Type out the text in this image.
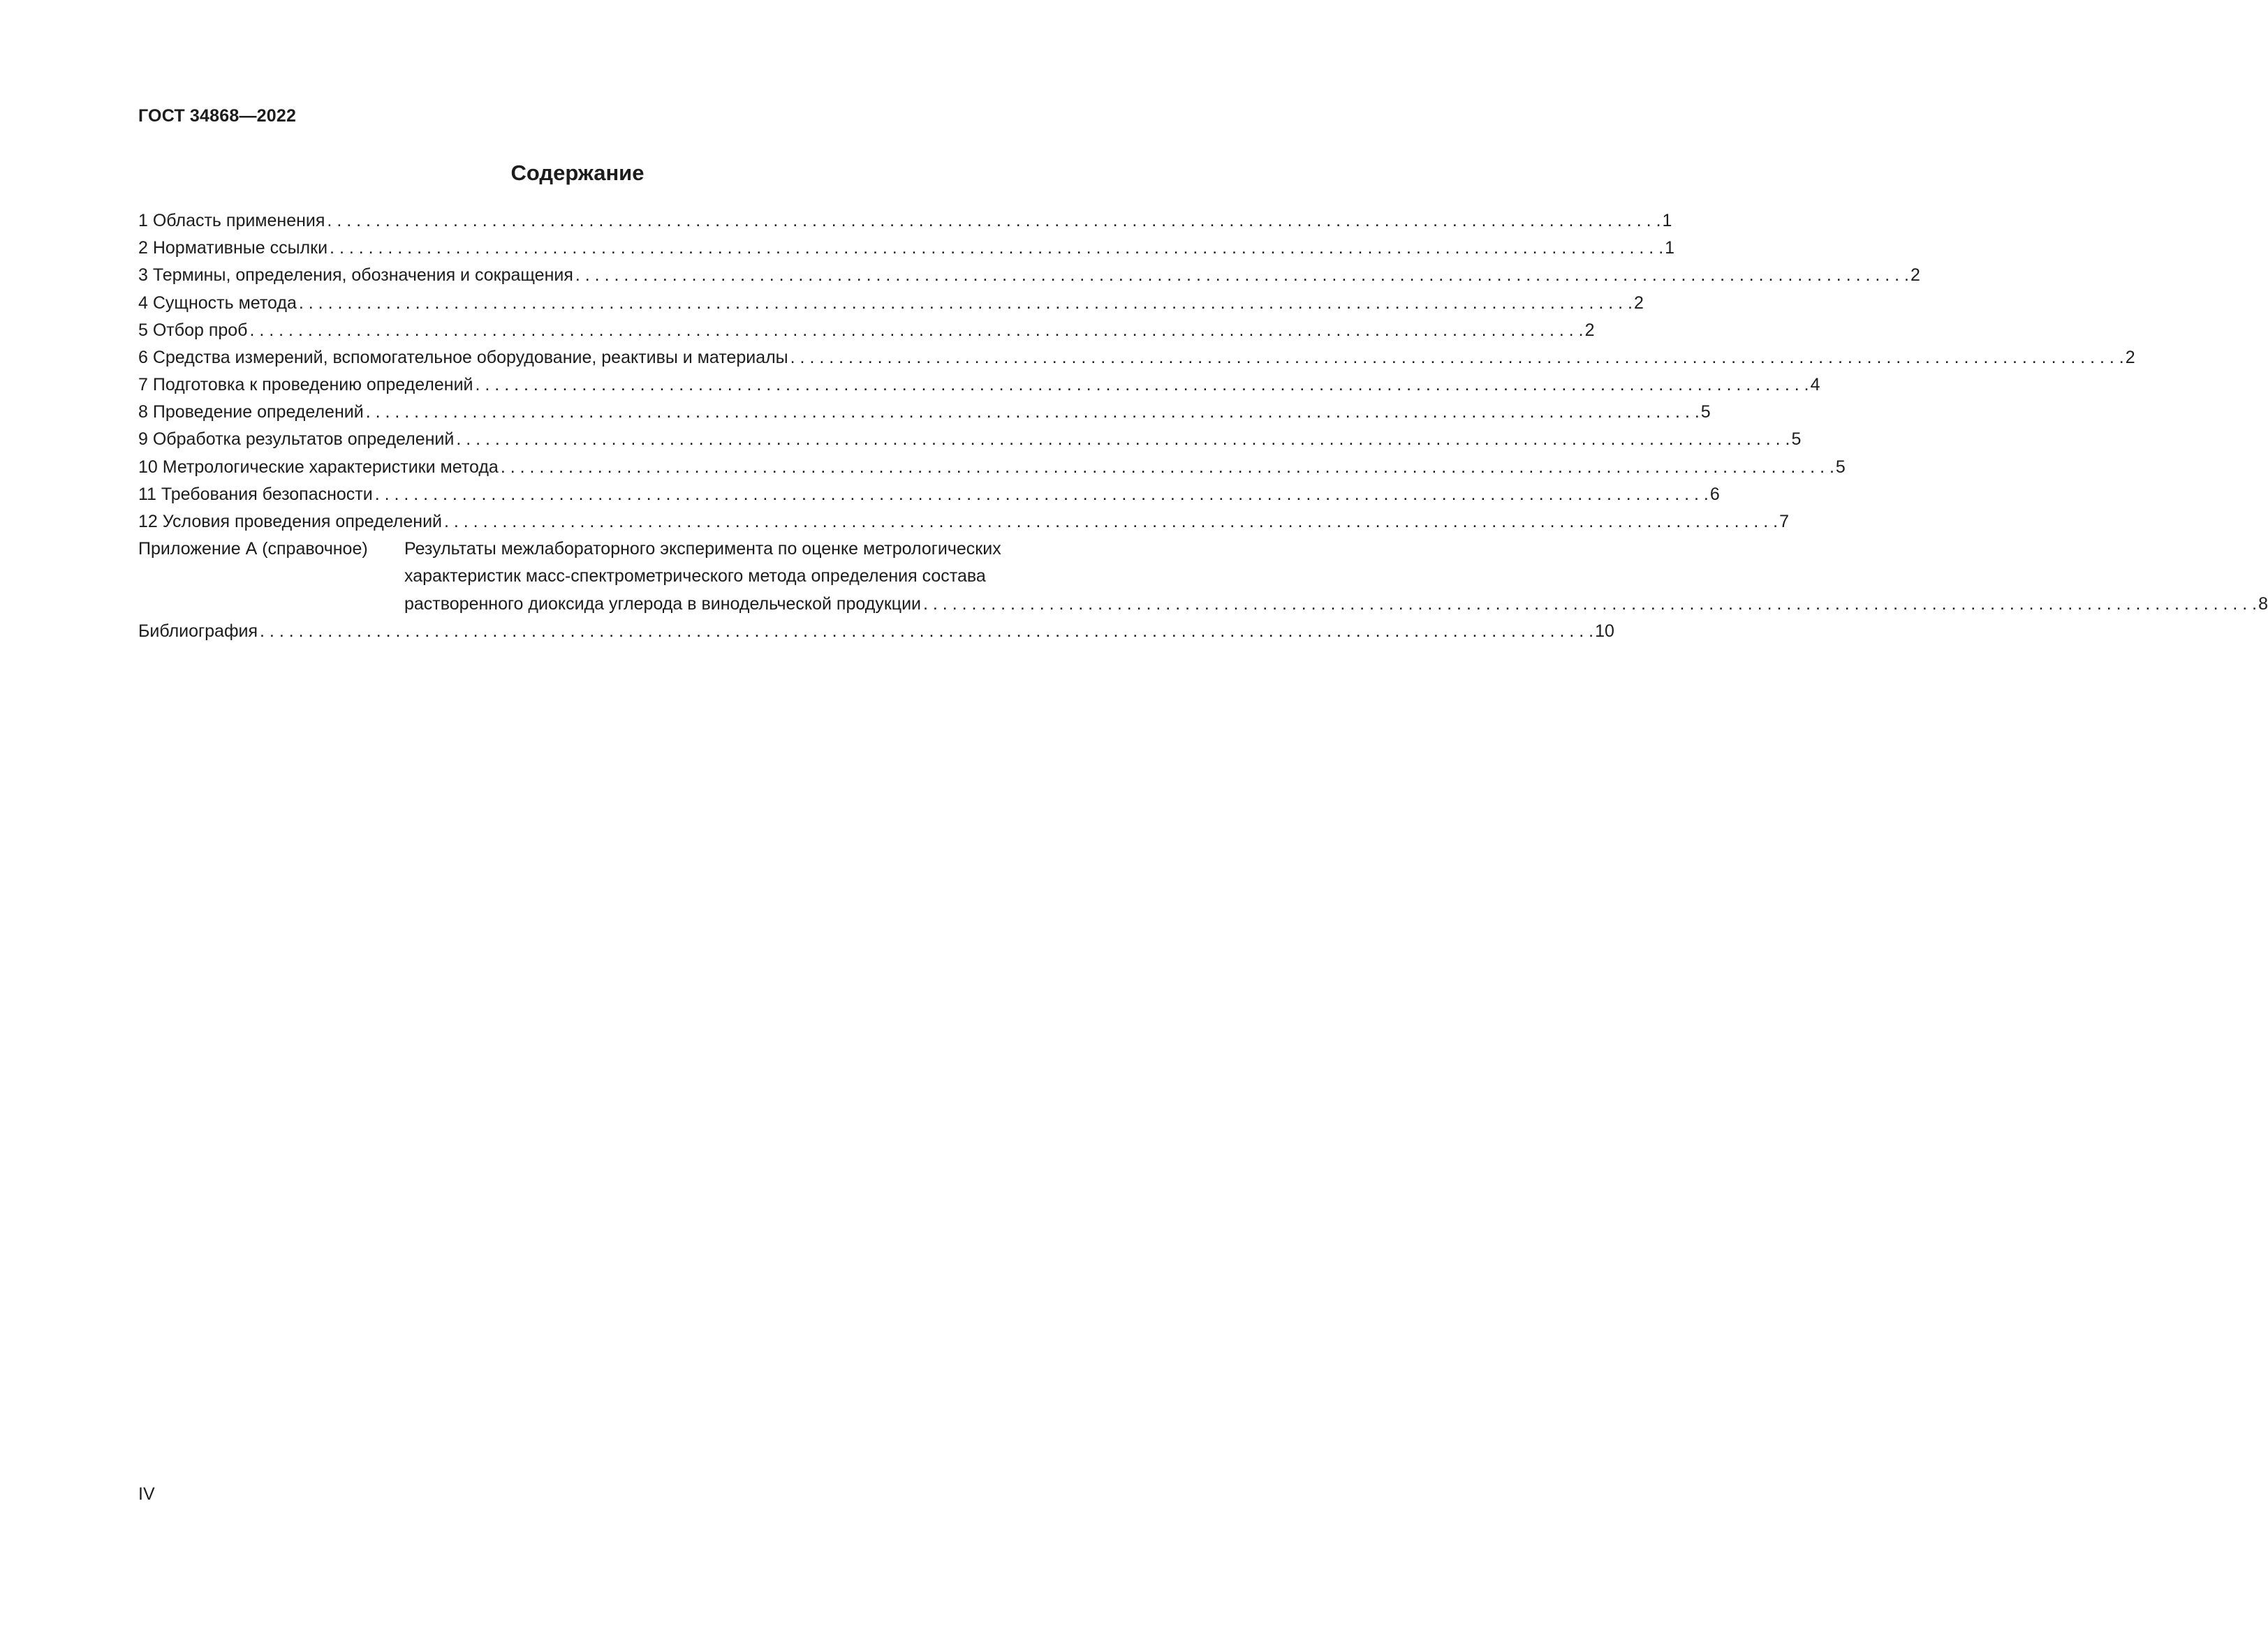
ГОСТ 34868—2022
Содержание
1 Область применения . . .	1
2 Нормативные ссылки . . .	1
3 Термины, определения, обозначения и сокращения . . .	2
4 Сущность метода . . .	2
5 Отбор проб . . .	2
6 Средства измерений, вспомогательное оборудование, реактивы и материалы . . .	2
7 Подготовка к проведению определений . . .	4
8 Проведение определений . . .	5
9 Обработка результатов определений . . .	5
10 Метрологические характеристики метода . . .	5
11 Требования безопасности . . .	6
12 Условия проведения определений . . .	7
Приложение А (справочное)	Результаты межлабораторного эксперимента по оценке метрологических
характеристик масс-спектрометрического метода определения состава
растворенного диоксида углерода в винодельческой продукции . . .	8
Библиография . . .	10
IV
